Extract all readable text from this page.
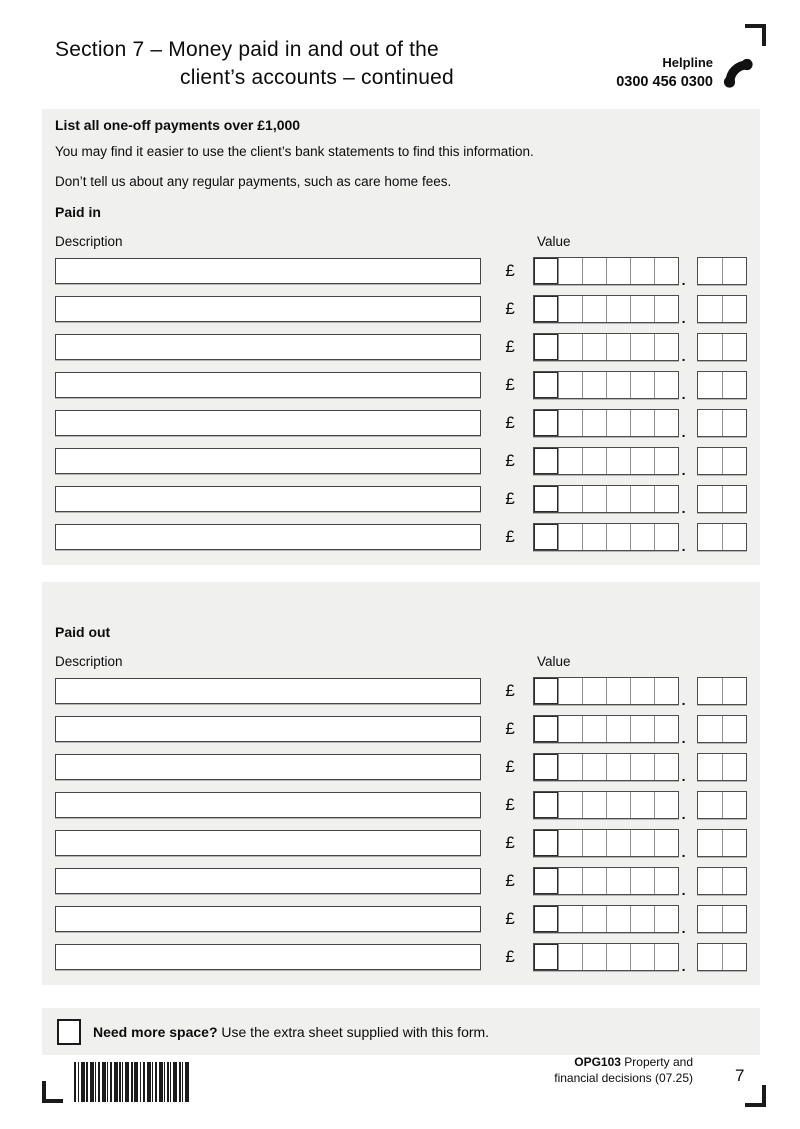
Section 7 – Money paid in and out of the
client’s accounts – continued
Helpline
0300 456 0300
List all one-off payments over £1,000
You may find it easier to use the client’s bank statements to find this information.
Don’t tell us about any regular payments, such as care home fees.
Paid in
Description	Value
£	.
£	.
£	.
£	.
£	.
£	.
£	.
£	.
Paid out
Description	Value
£	.
£	.
£	.
£	.
£	.
£	.
£	.
£	.
Need more space? Use the extra sheet supplied with this form.
OPG103 Property and financial decisions (07.25) 7
